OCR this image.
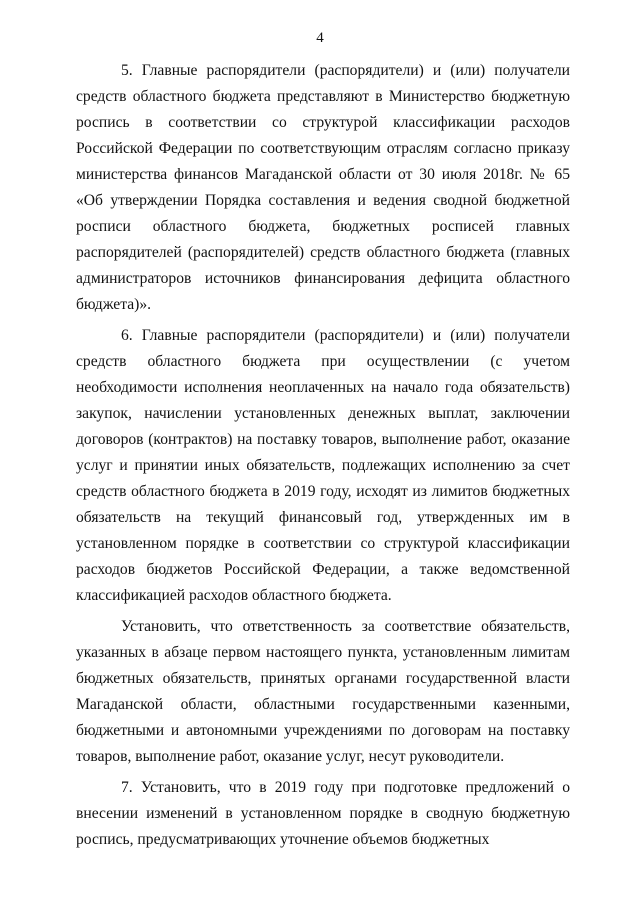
4

5. Главные распорядители (распорядители) и (или) получатели средств областного бюджета представляют в Министерство бюджетную роспись в соответствии со структурой классификации расходов Российской Федерации по соответствующим отраслям согласно приказу министерства финансов Магаданской области от 30 июля 2018г. № 65 «Об утверждении Порядка составления и ведения сводной бюджетной росписи областного бюджета, бюджетных росписей главных распорядителей (распорядителей) средств областного бюджета (главных администраторов источников финансирования дефицита областного бюджета)».

6. Главные распорядители (распорядители) и (или) получатели средств областного бюджета при осуществлении (с учетом необходимости исполнения неоплаченных на начало года обязательств) закупок, начислении установленных денежных выплат, заключении договоров (контрактов) на поставку товаров, выполнение работ, оказание услуг и принятии иных обязательств, подлежащих исполнению за счет средств областного бюджета в 2019 году, исходят из лимитов бюджетных обязательств на текущий финансовый год, утвержденных им в установленном порядке в соответствии со структурой классификации расходов бюджетов Российской Федерации, а также ведомственной классификацией расходов областного бюджета.

Установить, что ответственность за соответствие обязательств, указанных в абзаце первом настоящего пункта, установленным лимитам бюджетных обязательств, принятых органами государственной власти Магаданской области, областными государственными казенными, бюджетными и автономными учреждениями по договорам на поставку товаров, выполнение работ, оказание услуг, несут руководители.

7. Установить, что в 2019 году при подготовке предложений о внесении изменений в установленном порядке в сводную бюджетную роспись, предусматривающих уточнение объемов бюджетных
